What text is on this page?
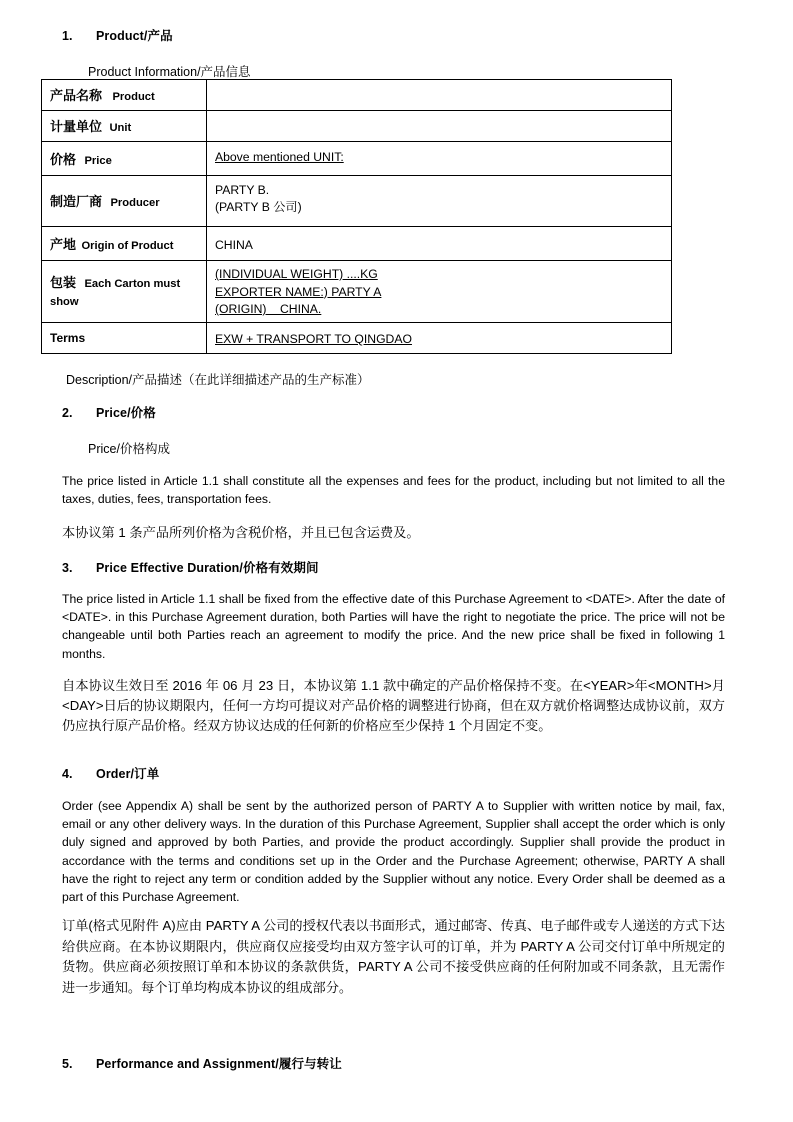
1.	Product/产品
Product Information/产品信息
产品名称 Product	
计量单位 Unit	
价格 Price	Above mentioned UNIT:

制造厂商 Producer	PARTY B.
(PARTY B 公司)

产地 Origin of Product	CHINA

包装 Each Carton must show	(INDIVIDUAL WEIGHT) ....KG
EXPORTER NAME:) PARTY A
(ORIGIN)    CHINA.

Terms	EXW + TRANSPORT TO QINGDAO
Description/产品描述（在此详细描述产品的生产标准）
2.	Price/价格
Price/价格构成
The price listed in Article 1.1 shall constitute all the expenses and fees for the product, including but not limited to all the taxes, duties, fees, transportation fees.
本协议第 1 条产品所列价格为含税价格，并且已包含运费及。
3.	Price Effective Duration/价格有效期间
The price listed in Article 1.1 shall be fixed from the effective date of this Purchase Agreement to <DATE>. After the date of <DATE>. in this Purchase Agreement duration, both Parties will have the right to negotiate the price. The price will not be changeable until both Parties reach an agreement to modify the price. And the new price shall be fixed in following 1 months.
自本协议生效日至 2016 年 06 月 23 日，本协议第 1.1 款中确定的产品价格保持不变。在<YEAR>年<MONTH>月<DAY>日后的协议期限内，任何一方均可提议对产品价格的调整进行协商，但在双方就价格调整达成协议前，双方仍应执行原产品价格。经双方协议达成的任何新的价格应至少保持 1 个月固定不变。
4.	Order/订单
Order (see Appendix A) shall be sent by the authorized person of PARTY A to Supplier with written notice by mail, fax, email or any other delivery ways. In the duration of this Purchase Agreement, Supplier shall accept the order which is only duly signed and approved by both Parties, and provide the product accordingly. Supplier shall provide the product in accordance with the terms and conditions set up in the Order and the Purchase Agreement; otherwise, PARTY A shall have the right to reject any term or condition added by the Supplier without any notice. Every Order shall be deemed as a part of this Purchase Agreement.
订单(格式见附件 A)应由 PARTY A 公司的授权代表以书面形式，通过邮寄、传真、电子邮件或专人递送的方式下达给供应商。在本协议期限内，供应商仅应接受均由双方签字认可的订单，并为 PARTY A 公司交付订单中所规定的货物。供应商必须按照订单和本协议的条款供货，PARTY A 公司不接受供应商的任何附加或不同条款，且无需作进一步通知。每个订单均构成本协议的组成部分。
5.	Performance and Assignment/履行与转让
